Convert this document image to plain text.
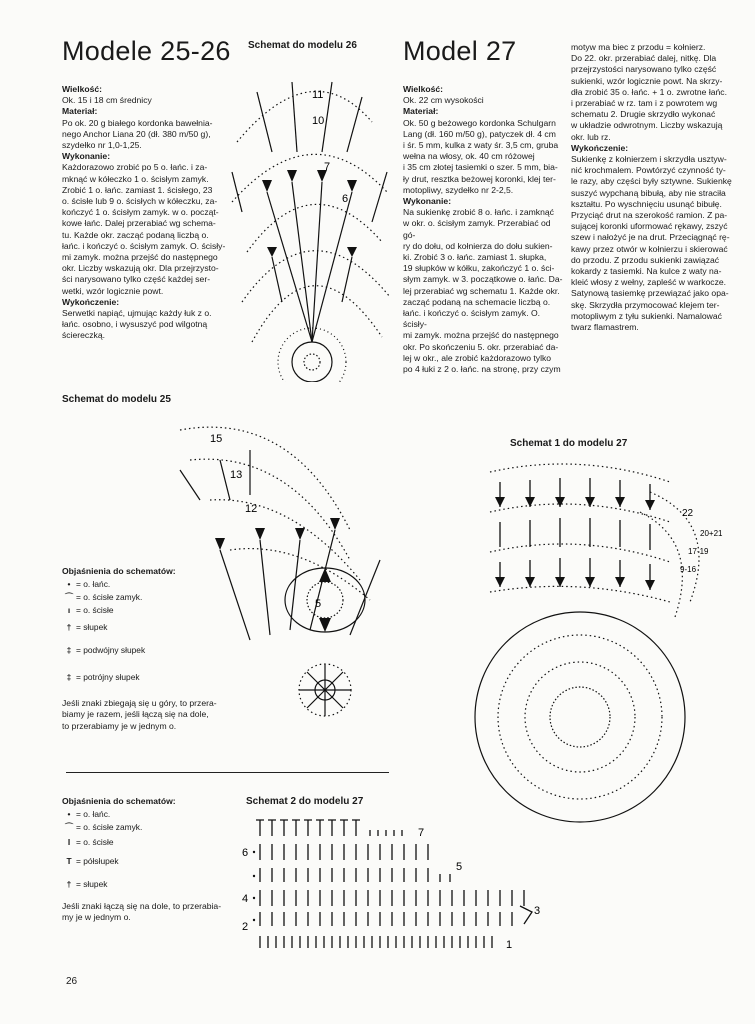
Modele 25-26
Wielkość:
Ok. 15 i 18 cm średnicy
Materiał:
Po ok. 20 g białego kordonka bawełnia-
nego Anchor Liana 20 (dł. 380 m/50 g),
szydełko nr 1,0-1,25.
Wykonanie:
Każdorazowo zrobić po 5 o. łańc. i za-
mknąć w kółeczko 1 o. ścisłym zamyk.
Zrobić 1 o. łańc. zamiast 1. ścisłego, 23
o. ścisłe lub 9 o. ścisłych w kółeczku, za-
kończyć 1 o. ścisłym zamyk. w o. począt-
kowe łańc. Dalej przerabiać wg schema-
tu. Każde okr. zacząć podaną liczbą o.
łańc. i kończyć o. ścisłym zamyk. O. ścisły-
mi zamyk. można przejść do następnego
okr. Liczby wskazują okr. Dla przejrzysto-
ści narysowano tylko część każdej ser-
wetki, wzór logicznie powt.
Wykończenie:
Serwetki napiąć, ujmując każdy łuk z o.
łańc. osobno, i wysuszyć pod wilgotną
ściereczką.
Model 27
Wielkość:
Ok. 22 cm wysokości
Materiał:
Ok. 50 g beżowego kordonka Schulgarn
Lang (dł. 160 m/50 g), patyczek dł. 4 cm
i śr. 5 mm, kulka z waty śr. 3,5 cm, gruba
wełna na włosy, ok. 40 cm różowej
i 35 cm złotej tasiemki o szer. 5 mm, bia-
ły drut, resztka beżowej koronki, klej ter-
motopliwy, szydełko nr 2-2,5.
Wykonanie:
Na sukienkę zrobić 8 o. łańc. i zamknąć
w okr. o. ścisłym zamyk. Przerabiać od gó-
ry do dołu, od kołnierza do dołu sukien-
ki. Zrobić 3 o. łańc. zamiast 1. słupka,
19 słupków w kółku, zakończyć 1 o. ści-
słym zamyk. w 3. początkowe o. łańc. Da-
lej przerabiać wg schematu 1. Każde okr.
zacząć podaną na schemacie liczbą o.
łańc. i kończyć o. ścisłym zamyk. O. ścisły-
mi zamyk. można przejść do następnego
okr. Po skończeniu 5. okr. przerabiać da-
lej w okr., ale zrobić każdorazowo tylko
po 4 łuki z 2 o. łańc. na stronę, przy czym
motyw ma biec z przodu = kołnierz.
Do 22. okr. przerabiać dalej, nitkę. Dla
przejrzystości narysowano tylko część
sukienki, wzór logicznie powt. Na skrzy-
dła zrobić 35 o. łańc. + 1 o. zwrotne łańc.
i przerabiać w rz. tam i z powrotem wg
schematu 2. Drugie skrzydło wykonać
w układzie odwrotnym. Liczby wskazują
okr. lub rz.
Wykończenie:
Sukienkę z kołnierzem i skrzydła usztyw-
nić krochmalem. Powtórzyć czynność ty-
le razy, aby części były sztywne. Sukienkę
suszyć wypchaną bibułą, aby nie straciła
kształtu. Po wyschnięciu usunąć bibułę.
Przyciąć drut na szerokość ramion. Z pa-
sującej koronki uformować rękawy, zszyć
szew i nałożyć je na drut. Przeciągnąć rę-
kawy przez otwór w kołnierzu i skierować
do przodu. Z przodu sukienki zawiązać
kokardy z tasiemki. Na kulce z waty na-
kleić włosy z wełny, zapleść w warkocze.
Satynową tasiemkę przewiązać jako opa-
skę. Skrzydła przymocować klejem ter-
motopliwym z tyłu sukienki. Namalować
twarz flamastrem.
Schemat do modelu 26
Schemat do modelu 25
Schemat 1 do modelu 27
Schemat 2 do modelu 27
11
10
7
6
15
13
12
5
22
20+21
17-19
9-16
Objaśnienia do schematów:
• = o. łańc.
⌒ = o. ścisłe zamyk.
ı = o. ścisłe
† = słupek
‡ = podwójny słupek
‡ = potrójny słupek
Jeśli znaki zbiegają się u góry, to przera-
biamy je razem, jeśli łączą się na dole,
to przerabiamy je w jednym o.
Objaśnienia do schematów:
• = o. łańc.
⌒ = o. ścisłe zamyk.
I = o. ścisłe
T = półsłupek
† = słupek
Jeśli znaki łączą się na dole, to przerabia-
my je w jednym o.
7
6
5
4
3
2
1
26
